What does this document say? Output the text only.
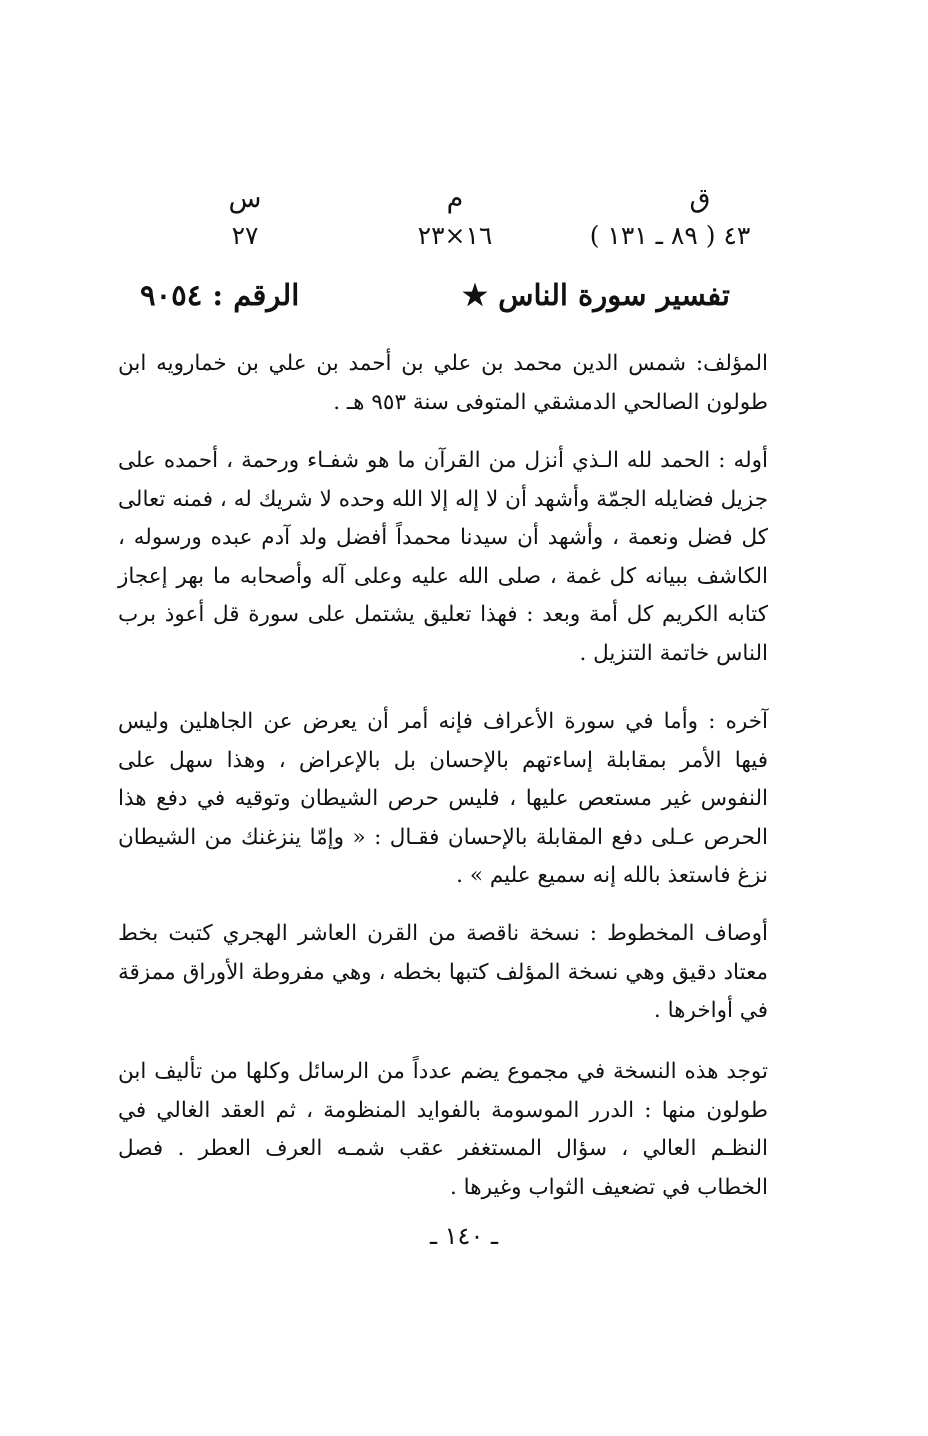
ق
٤٣ ( ٨٩ ـ ١٣١ )
م
١٦×٢٣
س
٢٧
تفسير سورة الناس ★
الرقم : ٩٠٥٤

المؤلف: شمس الدين محمد بن علي بن أحمد بن علي بن خمارويه ابن طولون الصالحي الدمشقي المتوفى سنة ٩٥٣ هـ .

أوله : الحمد لله الـذي أنزل من القرآن ما هو شفـاء ورحمة ، أحمده على جزيل فضايله الجمّة وأشهد أن لا إله إلا الله وحده لا شريك له ، فمنه تعالى كل فضل ونعمة ، وأشهد أن سيدنا محمداً أفضل ولد آدم عبده ورسوله ، الكاشف ببيانه كل غمة ، صلى الله عليه وعلى آله وأصحابه ما بهر إعجاز كتابه الكريم كل أمة وبعد : فهذا تعليق يشتمل على سورة قل أعوذ برب الناس خاتمة التنزيل .

آخره : وأما في سورة الأعراف فإنه أمر أن يعرض عن الجاهلين وليس فيها الأمر بمقابلة إساءتهم بالإحسان بل بالإعراض ، وهذا سهل على النفوس غير مستعص عليها ، فليس حرص الشيطان وتوقيه في دفع هذا الحرص عـلى دفع المقابلة بالإحسان فقـال : « وإمّا ينزغنك من الشيطان نزغ فاستعذ بالله إنه سميع عليم » .

أوصاف المخطوط : نسخة ناقصة من القرن العاشر الهجري كتبت بخط معتاد دقيق وهي نسخة المؤلف كتبها بخطه ، وهي مفروطة الأوراق ممزقة في أواخرها .

توجد هذه النسخة في مجموع يضم عدداً من الرسائل وكلها من تأليف ابن طولون منها : الدرر الموسومة بالفوايد المنظومة ، ثم العقد الغالي في النظـم العالي ، سؤال المستغفر عقب شمـه العرف العطر . فصل الخطاب في تضعيف الثواب وغيرها .

ـ ١٤٠ ـ
